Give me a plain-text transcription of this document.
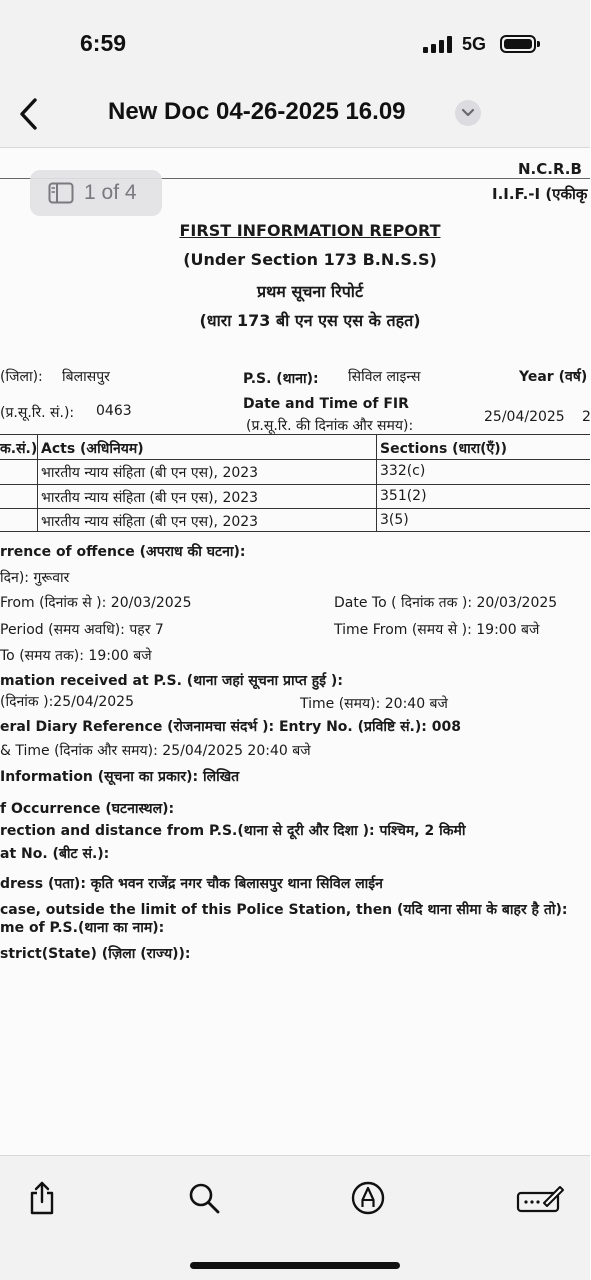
6:59	5G
New Doc 04-26-2025 16.09
N.C.R.B
I.I.F.-I (एकीकृ
1 of 4
FIRST INFORMATION REPORT
(Under Section 173 B.N.S.S)
प्रथम सूचना रिपोर्ट
(धारा 173 बी एन एस एस के तहत)
(जिला): बिलासपुर	P.S. (थाना): सिविल लाइन्स	Year (वर्ष)
(प्र.सू.रि. सं.): 0463	Date and Time of FIR
(प्र.सू.रि. की दिनांक और समय):
25/04/2025 2
क.सं.) Acts (अधिनियम)	Sections (धारा(एँ))
भारतीय न्याय संहिता (बी एन एस), 2023	332(c)
भारतीय न्याय संहिता (बी एन एस), 2023	351(2)
भारतीय न्याय संहिता (बी एन एस), 2023	3(5)
rrence of offence (अपराध की घटना):
दिन): गुरूवार
From (दिनांक से ): 20/03/2025	Date To ( दिनांक तक ): 20/03/2025
Period (समय अवधि): पहर 7	Time From (समय से ): 19:00 बजे
To (समय तक): 19:00 बजे
mation received at P.S. (थाना जहां सूचना प्राप्त हुई ):
(दिनांक ):25/04/2025	Time (समय): 20:40 बजे
eral Diary Reference (रोजनामचा संदर्भ ): Entry No. (प्रविष्टि सं.): 008
& Time (दिनांक और समय): 25/04/2025 20:40 बजे
Information (सूचना का प्रकार): लिखित
f Occurrence (घटनास्थल):
rection and distance from P.S.(थाना से दूरी और दिशा ): पश्चिम, 2 किमी
at No. (बीट सं.):
dress (पता): कृति भवन राजेंद्र नगर चौक बिलासपुर थाना सिविल लाईन
case, outside the limit of this Police Station, then (यदि थाना सीमा के बाहर है तो):
me of P.S.(थाना का नाम):
strict(State) (ज़िला (राज्य)):
